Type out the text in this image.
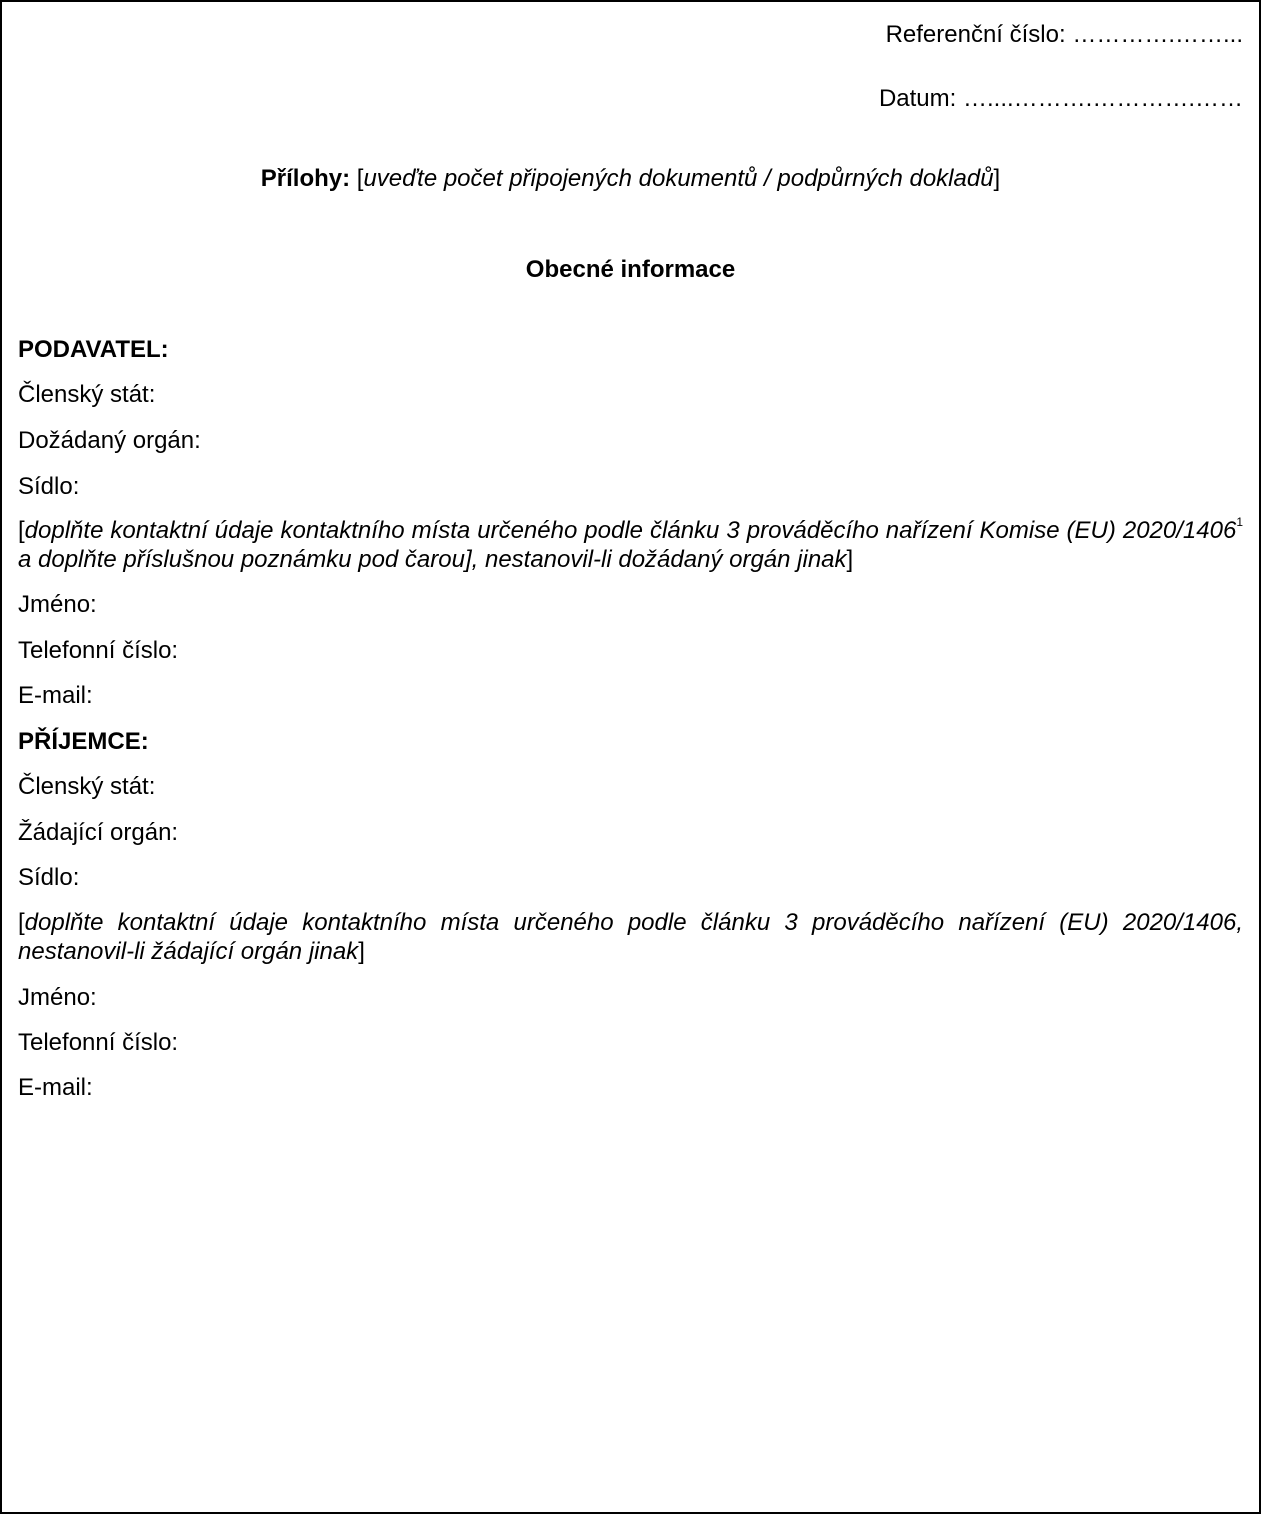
Referenční číslo: ………….……...
Datum: …....……….………….……
Přílohy: [uveďte počet připojených dokumentů / podpůrných dokladů]
Obecné informace
PODAVATEL:
Členský stát:
Dožádaný orgán:
Sídlo:
[doplňte kontaktní údaje kontaktního místa určeného podle článku 3 prováděcího nařízení Komise (EU) 2020/1406$^1$ a doplňte příslušnou poznámku pod čarou], nestanovil-li dožádaný orgán jinak]
Jméno:
Telefonní číslo:
E-mail:
PŘÍJEMCE:
Členský stát:
Žádající orgán:
Sídlo:
[doplňte kontaktní údaje kontaktního místa určeného podle článku 3 prováděcího nařízení (EU) 2020/1406, nestanovil-li žádající orgán jinak]
Jméno:
Telefonní číslo:
E-mail:
